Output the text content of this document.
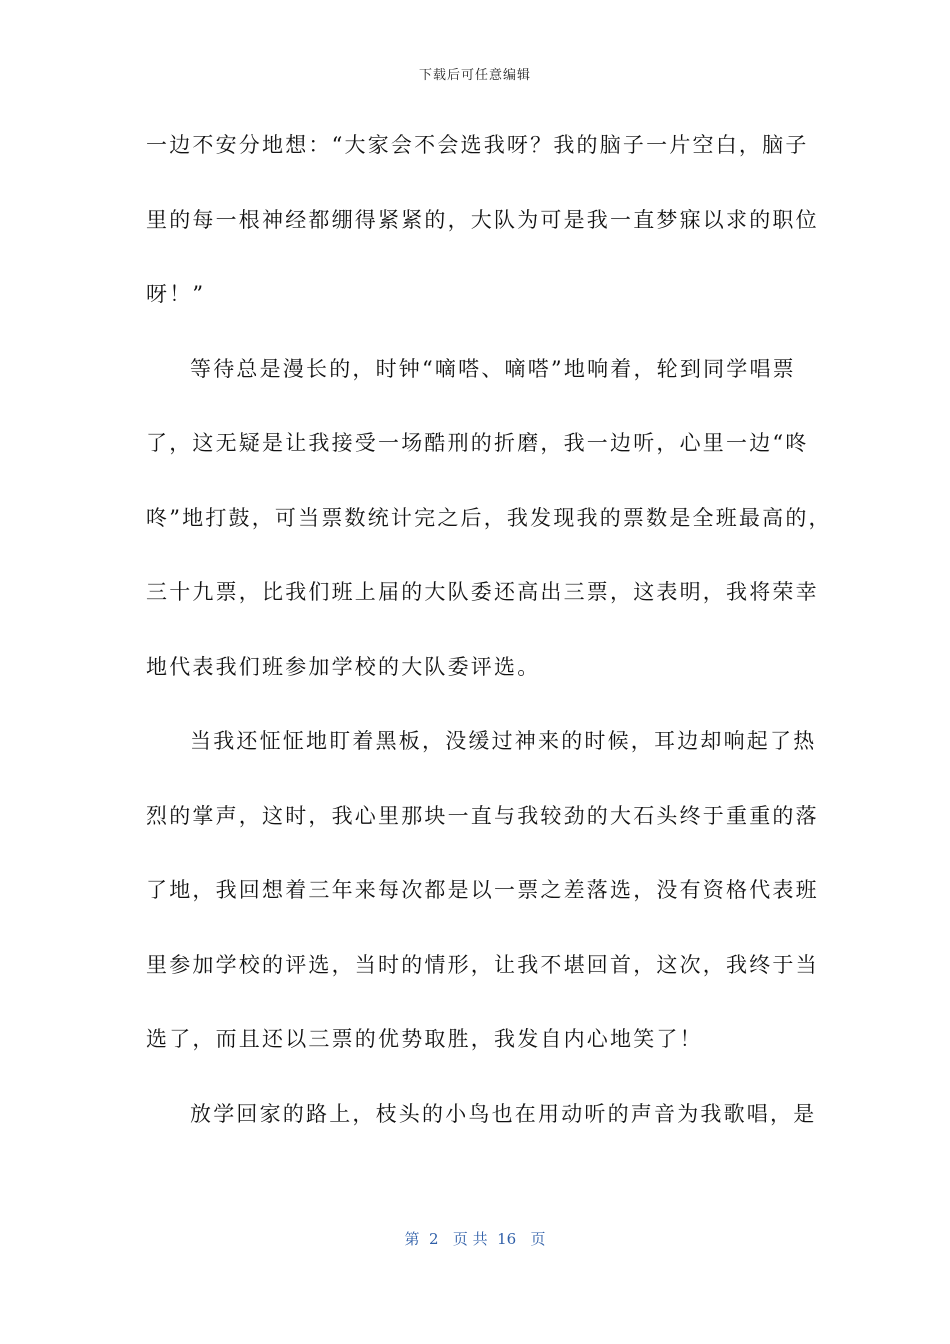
下载后可任意编辑
一边不安分地想：“大家会不会选我呀？我的脑子一片空白，脑子
里的每一根神经都绷得紧紧的，大队为可是我一直梦寐以求的职位
呀！”
等待总是漫长的，时钟“嘀嗒、嘀嗒”地响着，轮到同学唱票
了，这无疑是让我接受一场酷刑的折磨，我一边听，心里一边“咚
咚”地打鼓，可当票数统计完之后，我发现我的票数是全班最高的，
三十九票，比我们班上届的大队委还高出三票，这表明，我将荣幸
地代表我们班参加学校的大队委评选。
当我还怔怔地盯着黑板，没缓过神来的时候，耳边却响起了热
烈的掌声，这时，我心里那块一直与我较劲的大石头终于重重的落
了地，我回想着三年来每次都是以一票之差落选，没有资格代表班
里参加学校的评选，当时的情形，让我不堪回首，这次，我终于当
选了，而且还以三票的优势取胜，我发自内心地笑了！
放学回家的路上，枝头的小鸟也在用动听的声音为我歌唱，是
第  2   页 共  16   页
